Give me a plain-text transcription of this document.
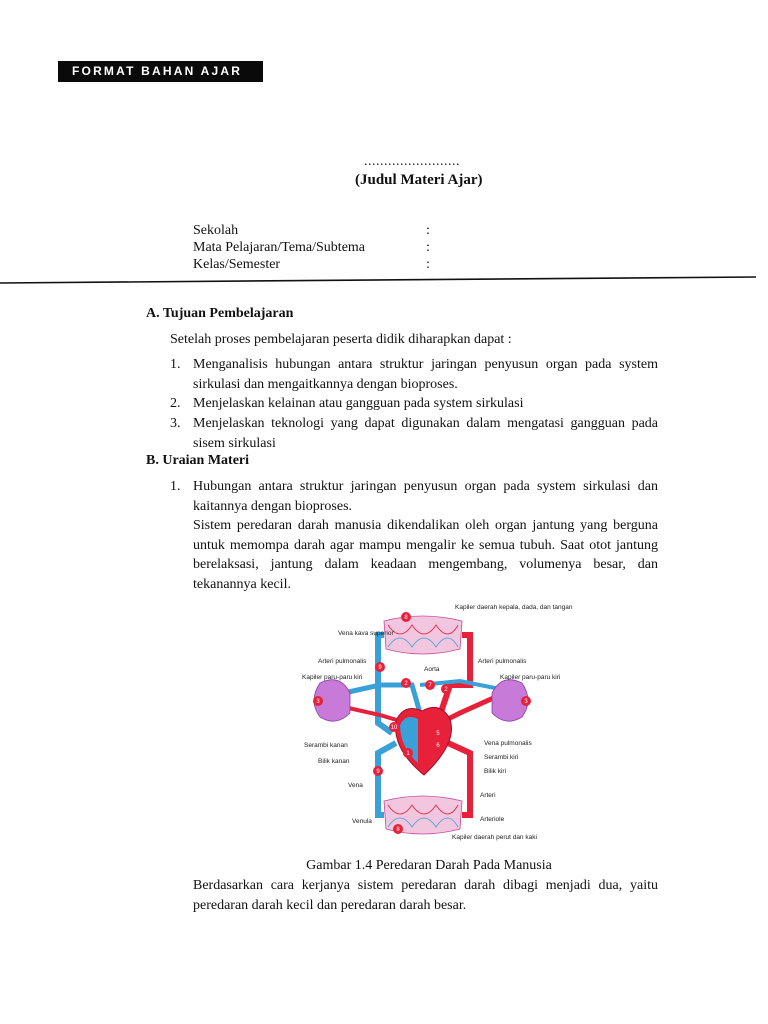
FORMAT BAHAN AJAR
........................
(Judul Materi Ajar)
Sekolah	:
Mata Pelajaran/Tema/Subtema	:
Kelas/Semester	:
A. Tujuan Pembelajaran
Setelah proses pembelajaran peserta didik diharapkan dapat :
1. Menganalisis hubungan antara struktur jaringan penyusun organ pada system sirkulasi dan mengaitkannya dengan bioproses.
2. Menjelaskan kelainan atau gangguan pada system sirkulasi
3. Menjelaskan teknologi yang dapat digunakan dalam mengatasi gangguan pada sisem sirkulasi
B. Uraian Materi
1. Hubungan antara struktur jaringan penyusun organ pada system sirkulasi dan kaitannya dengan bioproses.
Sistem peredaran darah manusia dikendalikan oleh organ jantung yang berguna untuk memompa darah agar mampu mengalir ke semua tubuh. Saat otot jantung berelaksasi, jantung dalam keadaan mengembang, volumenya besar, dan tekanannya kecil.
8
9
2	7
2
3	3
10
5
6
1
9
8
Kapiler daerah kepala, dada, dan tangan
Vena kava superior
Aorta
Arteri pulmonalis	Arteri pulmonalis
Kapiler paru-paru kiri	Kapiler paru-paru kiri
Serambi kanan
Bilik kanan
Vena pulmonalis
Serambi kiri
Bilik kiri
Vena
Arteri
Venula	Arteriole
Kapiler daerah perut dan kaki
Gambar 1.4 Peredaran Darah Pada Manusia
Berdasarkan cara kerjanya sistem peredaran darah dibagi menjadi dua, yaitu peredaran darah kecil dan peredaran darah besar.
